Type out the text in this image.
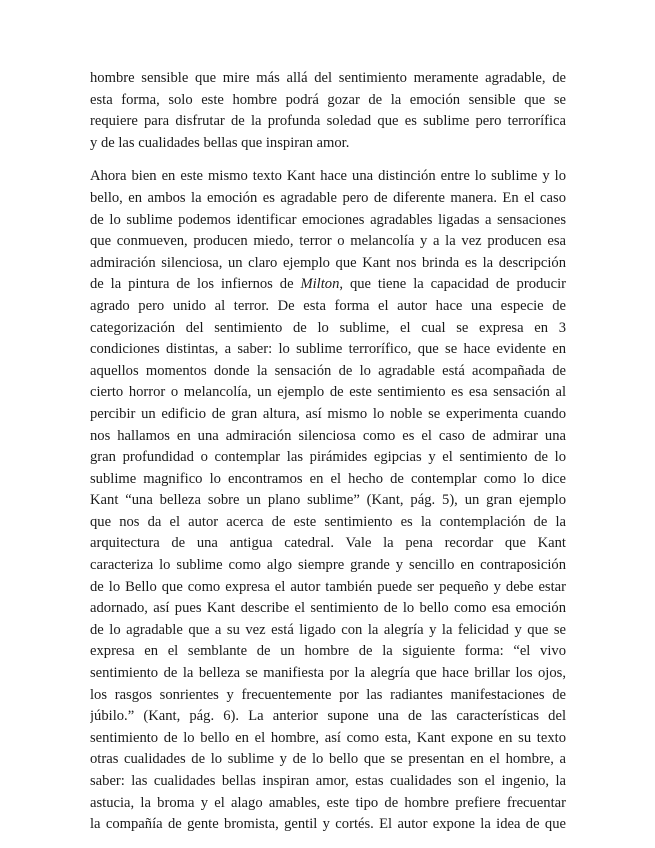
hombre sensible que mire más allá del sentimiento meramente agradable, de
esta forma, solo este hombre podrá gozar de la emoción sensible que se
requiere para disfrutar de la profunda soledad que es sublime pero terrorífica
y de las cualidades bellas que inspiran amor.
Ahora bien en este mismo texto Kant hace una distinción entre lo sublime y lo
bello, en ambos la emoción es agradable pero de diferente manera. En el caso
de lo sublime podemos identificar emociones agradables ligadas a sensaciones
que conmueven, producen miedo, terror o melancolía y a la vez producen esa
admiración silenciosa, un claro ejemplo que Kant nos brinda es la descripción
de la pintura de los infiernos de Milton, que tiene la capacidad de producir
agrado pero unido al terror. De esta forma el autor hace una especie de
categorización del sentimiento de lo sublime, el cual se expresa en 3
condiciones distintas, a saber: lo sublime terrorífico, que se hace evidente en
aquellos momentos donde la sensación de lo agradable está acompañada de
cierto horror o melancolía, un ejemplo de este sentimiento es esa sensación al
percibir un edificio de gran altura, así mismo lo noble se experimenta cuando
nos hallamos en una admiración silenciosa como es el caso de admirar una
gran profundidad o contemplar las pirámides egipcias y el sentimiento de lo
sublime magnifico lo encontramos en el hecho de contemplar como lo dice
Kant “una belleza sobre un plano sublime” (Kant, pág. 5), un gran ejemplo
que nos da el autor acerca de este sentimiento es la contemplación de la
arquitectura de una antigua catedral. Vale la pena recordar que Kant
caracteriza lo sublime como algo siempre grande y sencillo en contraposición
de lo Bello que como expresa el autor también puede ser pequeño y debe estar
adornado, así pues Kant describe el sentimiento de lo bello como esa emoción
de lo agradable que a su vez está ligado con la alegría y la felicidad y que se
expresa en el semblante de un hombre de la siguiente forma: “el vivo
sentimiento de la belleza se manifiesta por la alegría que hace brillar los ojos,
los rasgos sonrientes y frecuentemente por las radiantes manifestaciones de
júbilo.” (Kant, pág. 6). La anterior supone una de las características del
sentimiento de lo bello en el hombre, así como esta, Kant expone en su texto
otras cualidades de lo sublime y de lo bello que se presentan en el hombre, a
saber: las cualidades bellas inspiran amor, estas cualidades son el ingenio, la
astucia, la broma y el alago amables, este tipo de hombre prefiere frecuentar
la compañía de gente bromista, gentil y cortés. El autor expone la idea de que
